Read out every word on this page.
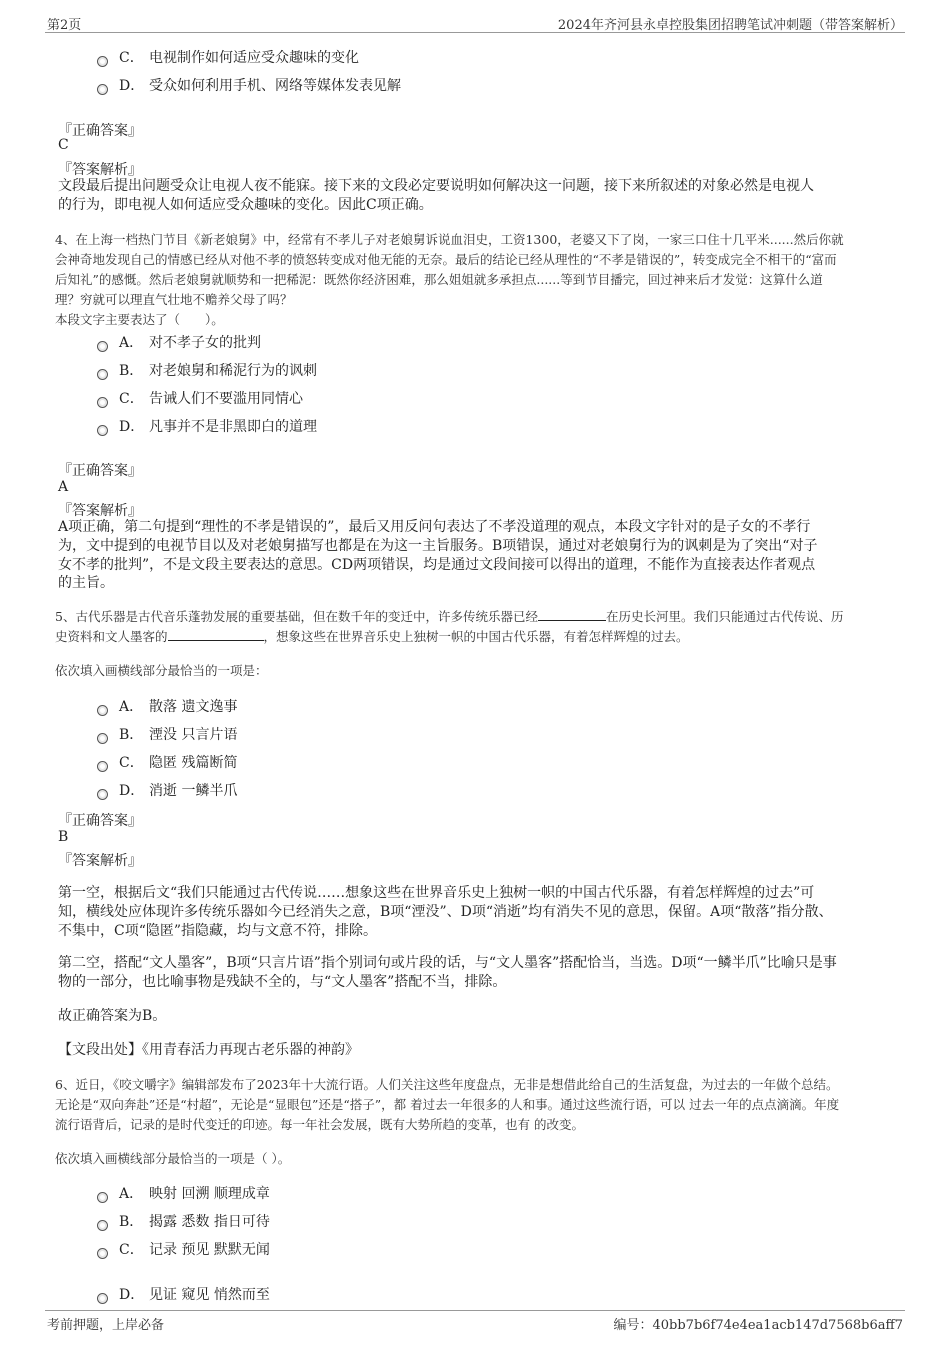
第2页	2024年齐河县永卓控股集团招聘笔试冲刺题（带答案解析）
C． 电视制作如何适应受众趣味的变化
D． 受众如何利用手机、网络等媒体发表见解
『正确答案』
C
『答案解析』
文段最后提出问题受众让电视人夜不能寐。接下来的文段必定要说明如何解决这一问题，接下来所叙述的对象必然是电视人
的行为，即电视人如何适应受众趣味的变化。因此C项正确。
4、在上海一档热门节目《新老娘舅》中，经常有不孝儿子对老娘舅诉说血泪史，工资1300，老婆又下了岗，一家三口住十几平米......然后你就
会神奇地发现自己的情感已经从对他不孝的愤怒转变成对他无能的无奈。最后的结论已经从理性的“不孝是错误的”，转变成完全不相干的“富而
后知礼”的感慨。然后老娘舅就顺势和一把稀泥：既然你经济困难，那么姐姐就多承担点......等到节目播完，回过神来后才发觉：这算什么道
理？穷就可以理直气壮地不赡养父母了吗？
本段文字主要表达了（　　）。
A． 对不孝子女的批判
B． 对老娘舅和稀泥行为的讽刺
C． 告诫人们不要滥用同情心
D． 凡事并不是非黑即白的道理
『正确答案』
A
『答案解析』
A项正确，第二句提到“理性的不孝是错误的”，最后又用反问句表达了不孝没道理的观点，本段文字针对的是子女的不孝行
为，文中提到的电视节目以及对老娘舅描写也都是在为这一主旨服务。B项错误，通过对老娘舅行为的讽刺是为了突出“对子
女不孝的批判”，不是文段主要表达的意思。CD两项错误，均是通过文段间接可以得出的道理，不能作为直接表达作者观点
的主旨。
5、古代乐器是古代音乐蓬勃发展的重要基础，但在数千年的变迁中，许多传统乐器已经	在历史长河里。我们只能通过古代传说、历
史资料和文人墨客的	，想象这些在世界音乐史上独树一帜的中国古代乐器，有着怎样辉煌的过去。
依次填入画横线部分最恰当的一项是：
A． 散落 遗文逸事
B． 湮没 只言片语
C． 隐匿 残篇断简
D． 消逝 一鳞半爪
『正确答案』
B
『答案解析』
第一空，根据后文“我们只能通过古代传说……想象这些在世界音乐史上独树一帜的中国古代乐器，有着怎样辉煌的过去”可
知，横线处应体现许多传统乐器如今已经消失之意，B项“湮没”、D项“消逝”均有消失不见的意思，保留。A项“散落”指分散、
不集中，C项“隐匿”指隐藏，均与文意不符，排除。
第二空，搭配“文人墨客”，B项“只言片语”指个别词句或片段的话，与“文人墨客”搭配恰当，当选。D项“一鳞半爪”比喻只是事
物的一部分，也比喻事物是残缺不全的，与“文人墨客”搭配不当，排除。
故正确答案为B。
【文段出处】《用青春活力再现古老乐器的神韵》
6、近日，《咬文嚼字》编辑部发布了2023年十大流行语。人们关注这些年度盘点，无非是想借此给自己的生活复盘，为过去的一年做个总结。
无论是“双向奔赴”还是“村超”，无论是“显眼包”还是“搭子”，都 着过去一年很多的人和事。通过这些流行语，可以 过去一年的点点滴滴。年度
流行语背后，记录的是时代变迁的印迹。每一年社会发展，既有大势所趋的变革，也有 的改变。
依次填入画横线部分最恰当的一项是（ ）。
A． 映射 回溯 顺理成章
B． 揭露 悉数 指日可待
C． 记录 预见 默默无闻
D． 见证 窥见 悄然而至
考前押题，上岸必备	编号：40bb7b6f74e4ea1acb147d7568b6aff7
